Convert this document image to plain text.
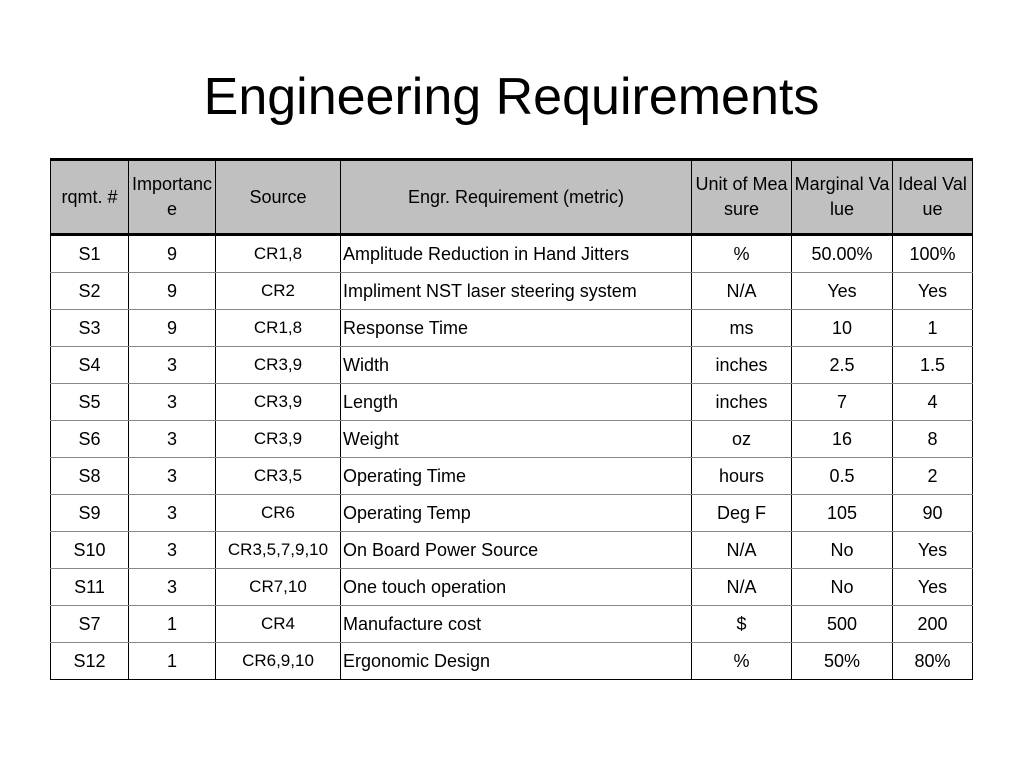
Engineering Requirements
rqmt. #	Importance	Source	Engr. Requirement (metric)	Unit of Measure	Marginal Value	Ideal Value
S1	9	CR1,8	Amplitude Reduction in Hand Jitters	%	50.00%	100%
S2	9	CR2	Impliment NST laser steering system	N/A	Yes	Yes
S3	9	CR1,8	Response Time	ms	10	1
S4	3	CR3,9	Width	inches	2.5	1.5
S5	3	CR3,9	Length	inches	7	4
S6	3	CR3,9	Weight	oz	16	8
S8	3	CR3,5	Operating Time	hours	0.5	2
S9	3	CR6	Operating Temp	Deg F	105	90
S10	3	CR3,5,7,9,10	On Board Power Source	N/A	No	Yes
S11	3	CR7,10	One touch operation	N/A	No	Yes
S7	1	CR4	Manufacture cost	$	500	200
S12	1	CR6,9,10	Ergonomic Design	%	50%	80%
